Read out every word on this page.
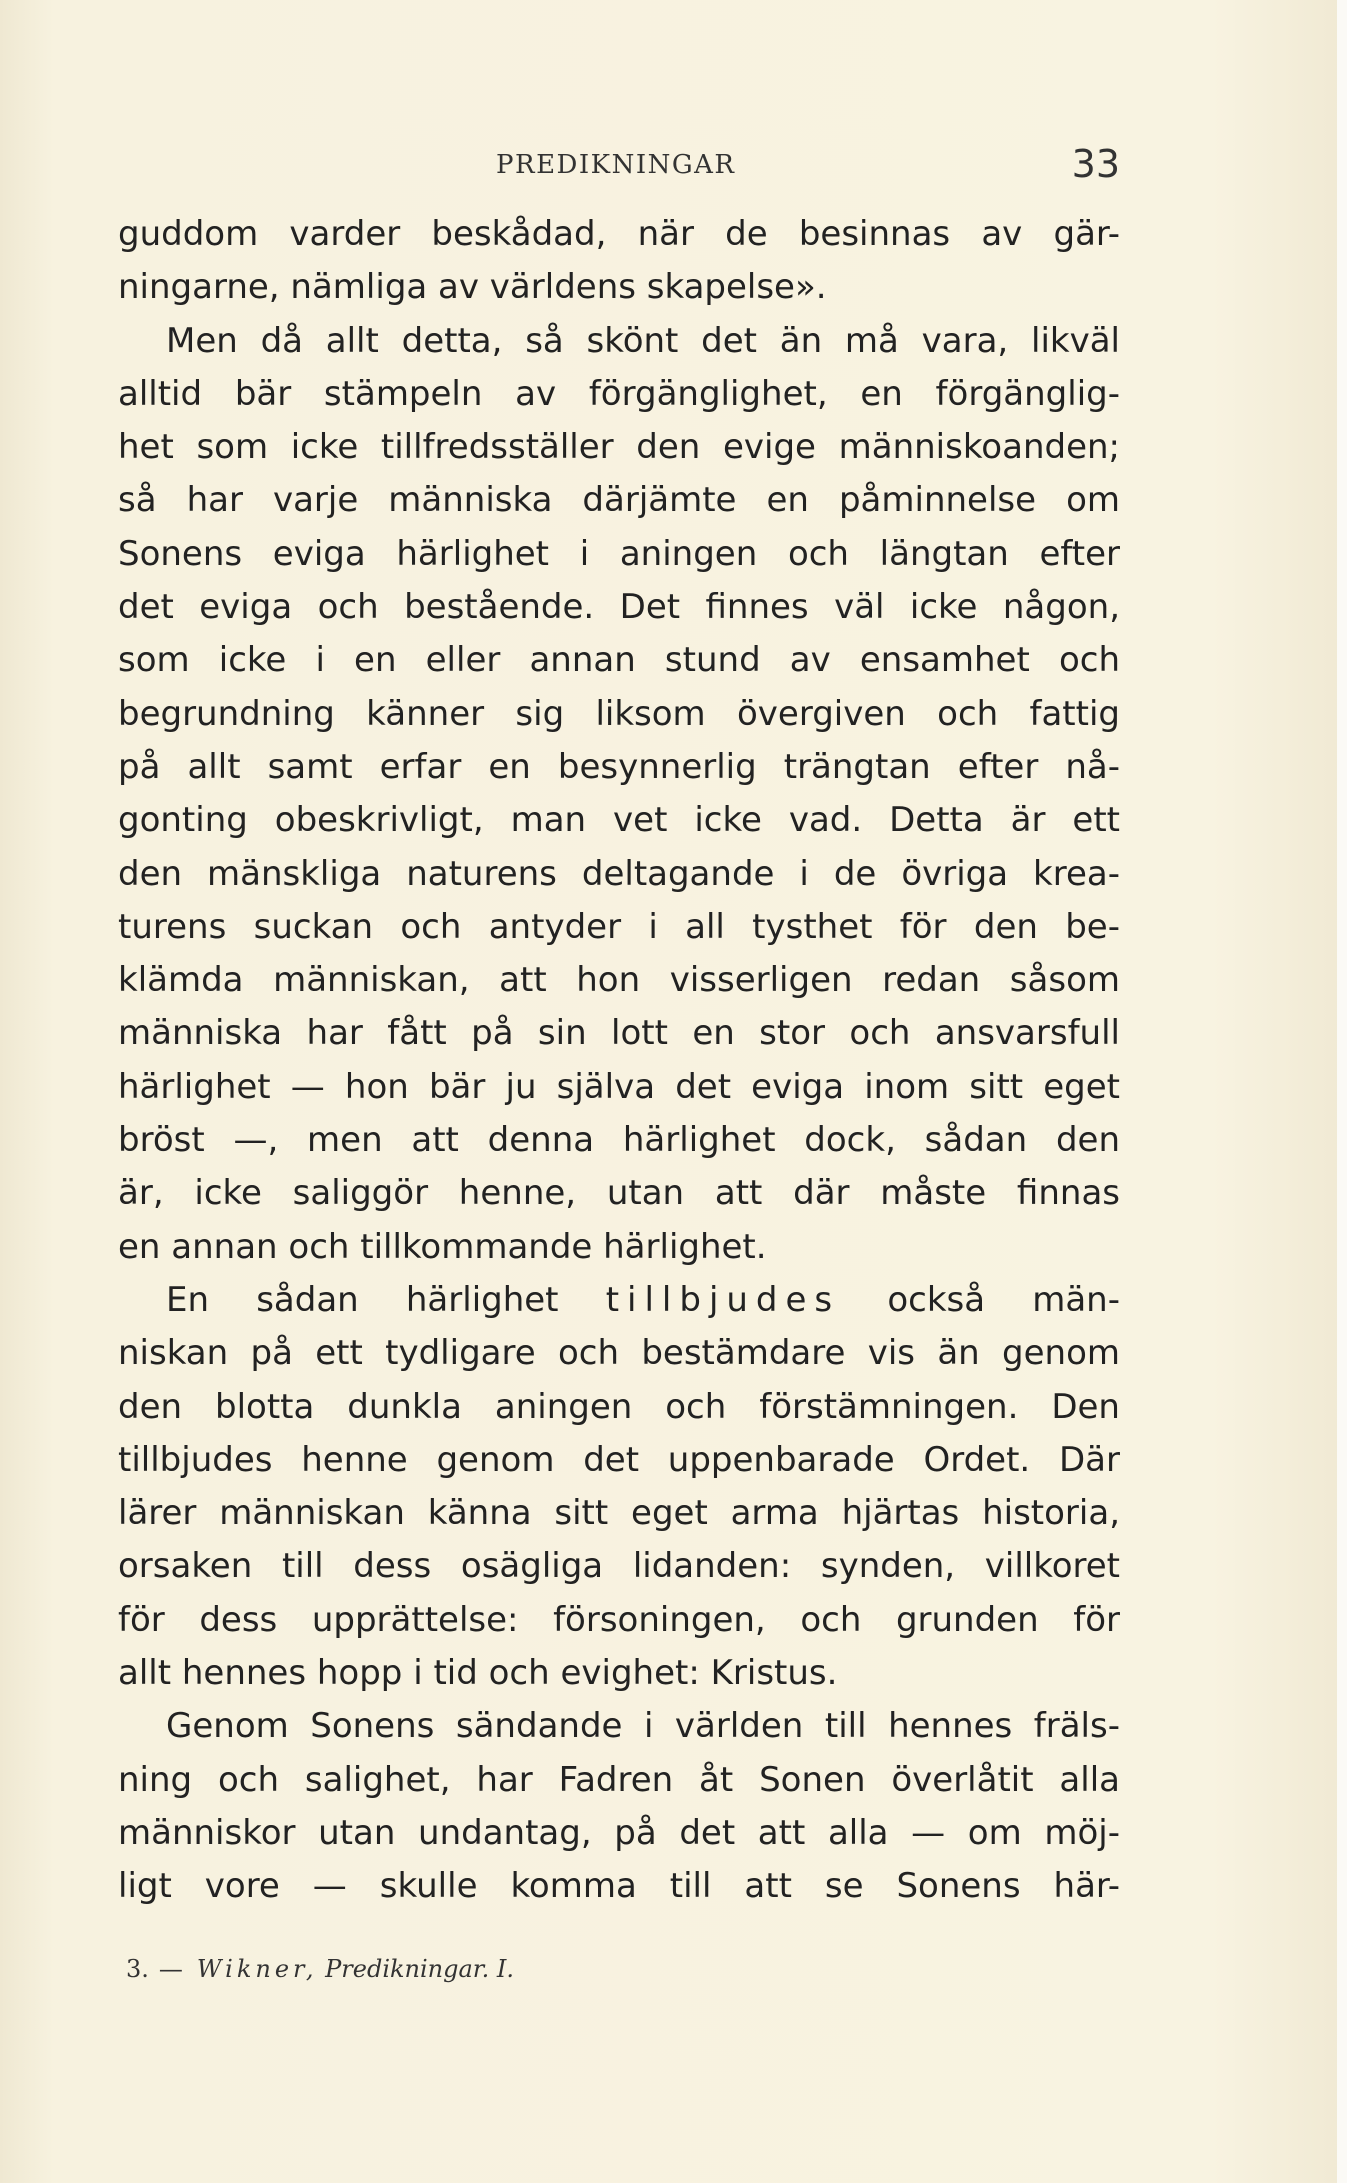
PREDIKNINGAR	33
guddom varder beskådad, när de besinnas av gär-
ningarne, nämliga av världens skapelse».
Men då allt detta, så skönt det än må vara, likväl
alltid bär stämpeln av förgänglighet, en förgänglig-
het som icke tillfredsställer den evige människoanden;
så har varje människa därjämte en påminnelse om
Sonens eviga härlighet i aningen och längtan efter
det eviga och bestående. Det finnes väl icke någon,
som icke i en eller annan stund av ensamhet och
begrundning känner sig liksom övergiven och fattig
på allt samt erfar en besynnerlig trängtan efter nå-
gonting obeskrivligt, man vet icke vad. Detta är ett
den mänskliga naturens deltagande i de övriga krea-
turens suckan och antyder i all tysthet för den be-
klämda människan, att hon visserligen redan såsom
människa har fått på sin lott en stor och ansvarsfull
härlighet — hon bär ju själva det eviga inom sitt eget
bröst —, men att denna härlighet dock, sådan den
är, icke saliggör henne, utan att där måste finnas
en annan och tillkommande härlighet.
En sådan härlighet tillbjudes också män-
niskan på ett tydligare och bestämdare vis än genom
den blotta dunkla aningen och förstämningen. Den
tillbjudes henne genom det uppenbarade Ordet. Där
lärer människan känna sitt eget arma hjärtas historia,
orsaken till dess osägliga lidanden: synden, villkoret
för dess upprättelse: försoningen, och grunden för
allt hennes hopp i tid och evighet: Kristus.
Genom Sonens sändande i världen till hennes fräls-
ning och salighet, har Fadren åt Sonen överlåtit alla
människor utan undantag, på det att alla — om möj-
ligt vore — skulle komma till att se Sonens här-
3. — Wikner, Predikningar. I.
